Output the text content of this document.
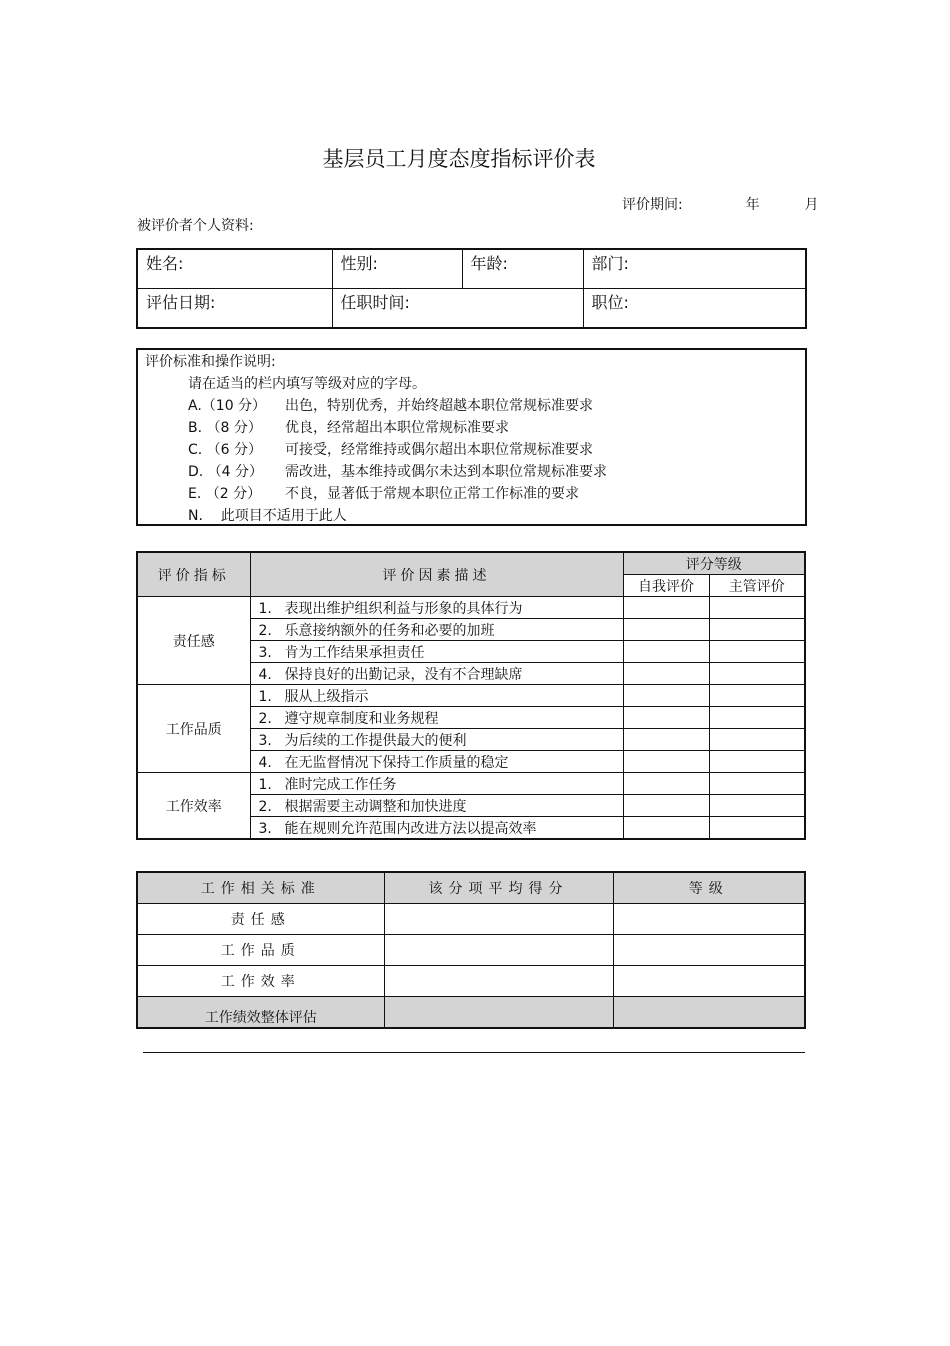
基层员工月度态度指标评价表
评价期间:	年	月
被评价者个人资料:
姓名:	性别:	年龄:	部门:
评估日期:	任职时间:		职位:
评价标准和操作说明:
请在适当的栏内填写等级对应的字母。
A.（10 分） 出色，特别优秀，并始终超越本职位常规标准要求
B. （8 分） 优良，经常超出本职位常规标准要求
C. （6 分） 可接受，经常维持或偶尔超出本职位常规标准要求
D. （4 分） 需改进，基本维持或偶尔未达到本职位常规标准要求
E. （2 分） 不良，显著低于常规本职位正常工作标准的要求
N.    此项目不适用于此人
评价指标	评价因素描述	评分等级	
		自我评价	主管评价
责任感	1. 表现出维护组织利益与形象的具体行为		
	2. 乐意接纳额外的任务和必要的加班		
	3. 肯为工作结果承担责任		
	4. 保持良好的出勤记录，没有不合理缺席		
工作品质	1. 服从上级指示		
	2. 遵守规章制度和业务规程		
	3. 为后续的工作提供最大的便利		
	4. 在无监督情况下保持工作质量的稳定		
工作效率	1. 准时完成工作任务		
	2. 根据需要主动调整和加快进度		
	3. 能在规则允许范围内改进方法以提高效率		
工作相关标准	该分项平均得分	等级
责任感		
工作品质		
工作效率		
工作绩效整体评估		
